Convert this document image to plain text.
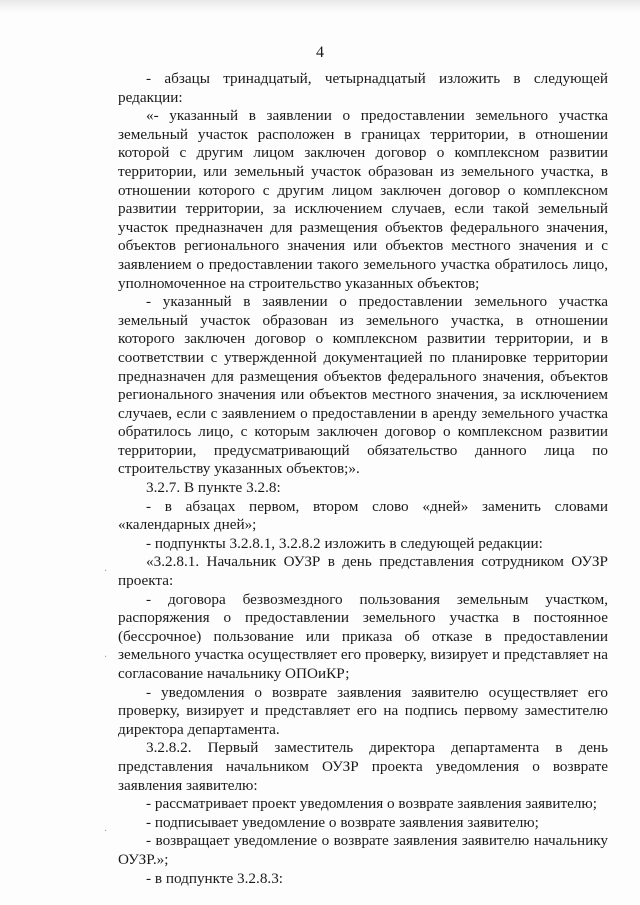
4

- абзацы тринадцатый, четырнадцатый изложить в следующей редакции:

«- указанный в заявлении о предоставлении земельного участка земельный участок расположен в границах территории, в отношении которой с другим лицом заключен договор о комплексном развитии территории, или земельный участок образован из земельного участка, в отношении которого с другим лицом заключен договор о комплексном развитии территории, за исключением случаев, если такой земельный участок предназначен для размещения объектов федерального значения, объектов регионального значения или объектов местного значения и с заявлением о предоставлении такого земельного участка обратилось лицо, уполномоченное на строительство указанных объектов;

- указанный в заявлении о предоставлении земельного участка земельный участок образован из земельного участка, в отношении которого заключен договор о комплексном развитии территории, и в соответствии с утвержденной документацией по планировке территории предназначен для размещения объектов федерального значения, объектов регионального значения или объектов местного значения, за исключением случаев, если с заявлением о предоставлении в аренду земельного участка обратилось лицо, с которым заключен договор о комплексном развитии территории, предусматривающий обязательство данного лица по строительству указанных объектов;».

3.2.7. В пункте 3.2.8:

- в абзацах первом, втором слово «дней» заменить словами «календарных дней»;

- подпункты 3.2.8.1, 3.2.8.2 изложить в следующей редакции:

«3.2.8.1. Начальник ОУЗР в день представления сотрудником ОУЗР проекта:

- договора безвозмездного пользования земельным участком, распоряжения о предоставлении земельного участка в постоянное (бессрочное) пользование или приказа об отказе в предоставлении земельного участка осуществляет его проверку, визирует и представляет на согласование начальнику ОПОиКР;

- уведомления о возврате заявления заявителю осуществляет его проверку, визирует и представляет его на подпись первому заместителю директора департамента.

3.2.8.2. Первый заместитель директора департамента в день представления начальником ОУЗР проекта уведомления о возврате заявления заявителю:

- рассматривает проект уведомления о возврате заявления заявителю;

- подписывает уведомление о возврате заявления заявителю;

- возвращает уведомление о возврате заявления заявителю начальнику ОУЗР.»;

- в подпункте 3.2.8.3:

·
·
·
